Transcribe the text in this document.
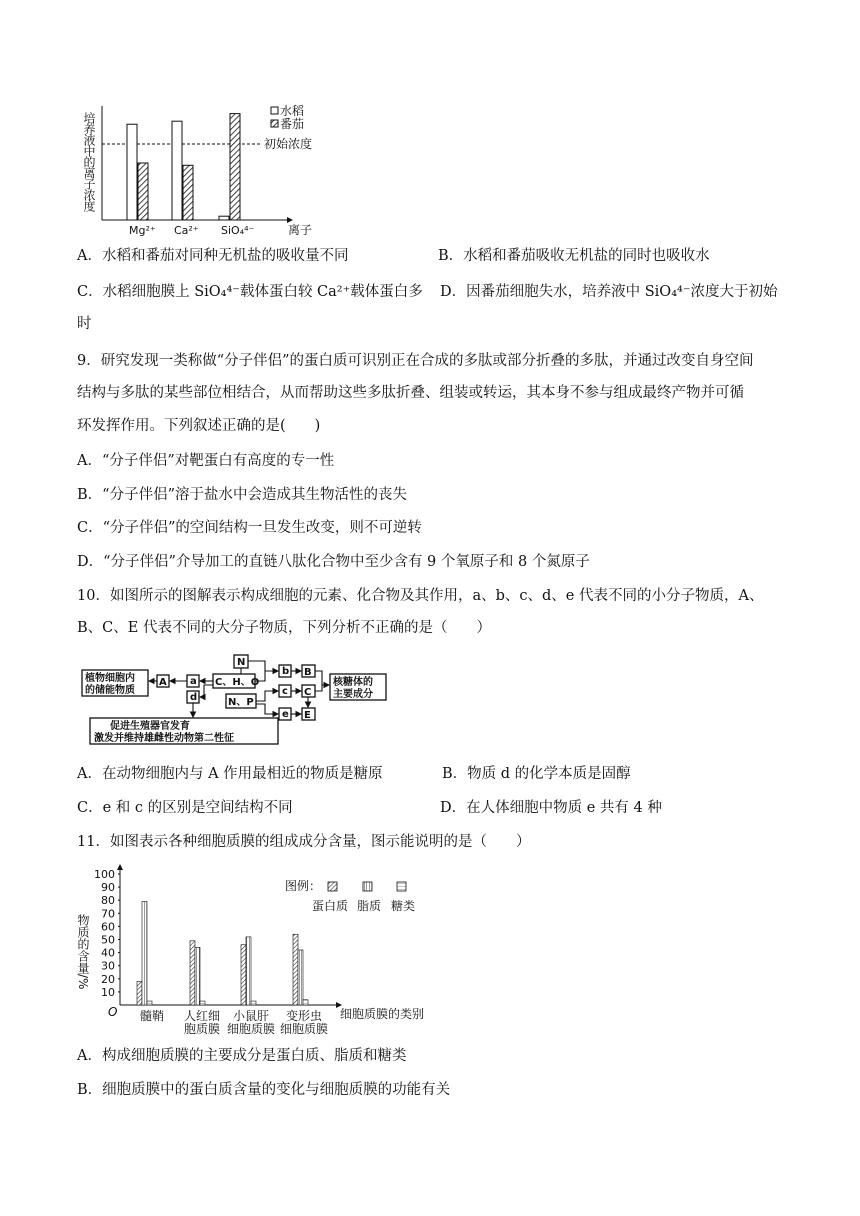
培养液中的离子浓度	初始浓度
Mg²⁺ Ca²⁺ SiO₄⁴⁻	离子
水稻
番茄
A．水稻和番茄对同种无机盐的吸收量不同	B．水稻和番茄吸收无机盐的同时也吸收水
C．水稻细胞膜上 SiO₄⁴⁻载体蛋白较 Ca²⁺载体蛋白多 D．因番茄细胞失水，培养液中 SiO₄⁴⁻浓度大于初始
时
9．研究发现一类称做“分子伴侣”的蛋白质可识别正在合成的多肽或部分折叠的多肽，并通过改变自身空间
结构与多肽的某些部位相结合，从而帮助这些多肽折叠、组装或转运，其本身不参与组成最终产物并可循
环发挥作用。下列叙述正确的是(　　)
A．“分子伴侣”对靶蛋白有高度的专一性
B．“分子伴侣”溶于盐水中会造成其生物活性的丧失
C．“分子伴侣”的空间结构一旦发生改变，则不可逆转
D．“分子伴侣”介导加工的直链八肽化合物中至少含有 9 个氧原子和 8 个氮原子
10．如图所示的图解表示构成细胞的元素、化合物及其作用，a、b、c、d、e 代表不同的小分子物质，A、
B、C、E 代表不同的大分子物质，下列分析不正确的是（　　）
植物细胞内
的储能物质
A a C、H、O
N
N、P
d
b B
c C
e E
核糖体的
主要成分
促进生殖器官发育
激发并维持雄雌性动物第二性征
A．在动物细胞内与 A 作用最相近的物质是糖原	B．物质 d 的化学本质是固醇
C．e 和 c 的区别是空间结构不同	D．在人体细胞中物质 e 共有 4 种
11．如图表示各种细胞质膜的组成成分含量，图示能说明的是（　　）
物质的含量/%
O
100
90
80
70
60
50
40
30
20
10
髓鞘 人红细
胞质膜
小鼠肝
细胞质膜
变形虫
细胞质膜
细胞质膜的类别
图例：
蛋白质 脂质 糖类
A．构成细胞质膜的主要成分是蛋白质、脂质和糖类
B．细胞质膜中的蛋白质含量的变化与细胞质膜的功能有关
